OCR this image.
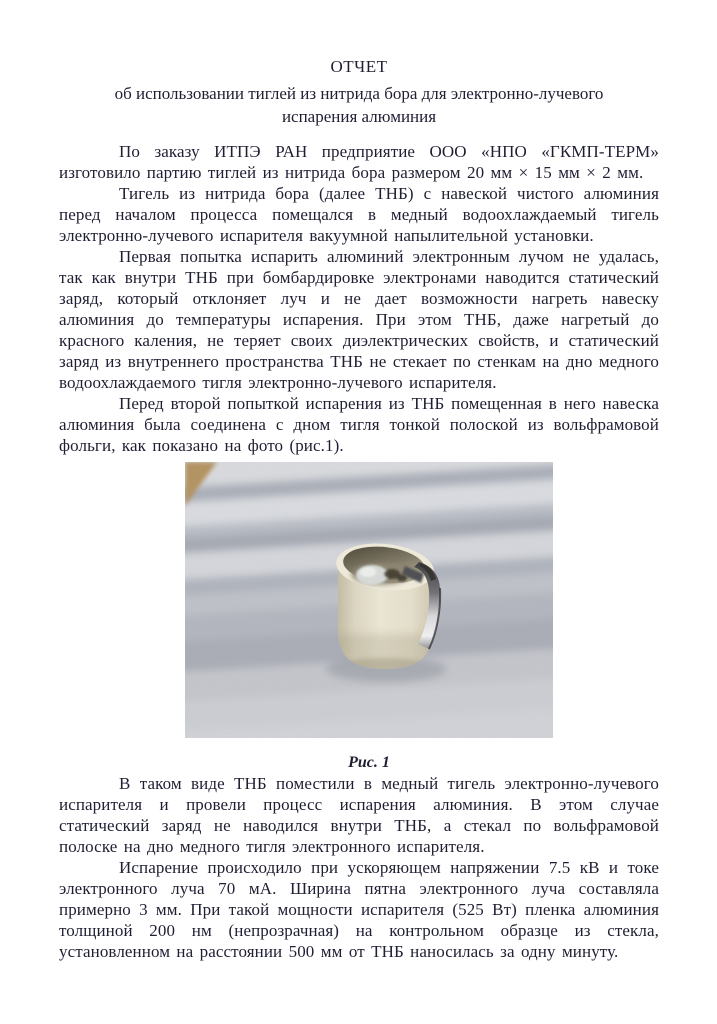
ОТЧЕТ
об использовании тиглей из нитрида бора для электронно-лучевого испарения алюминия

По заказу ИТПЭ РАН предприятие ООО «НПО «ГКМП-ТЕРМ» изготовило партию тиглей из нитрида бора размером 20 мм × 15 мм × 2 мм.

Тигель из нитрида бора (далее ТНБ) с навеской чистого алюминия перед началом процесса помещался в медный водоохлаждаемый тигель электронно-лучевого испарителя вакуумной напылительной установки.

Первая попытка испарить алюминий электронным лучом не удалась, так как внутри ТНБ при бомбардировке электронами наводится статический заряд, который отклоняет луч и не дает возможности нагреть навеску алюминия до температуры испарения. При этом ТНБ, даже нагретый до красного каления, не теряет своих диэлектрических свойств, и статический заряд из внутреннего пространства ТНБ не стекает по стенкам на дно медного водоохлаждаемого тигля электронно-лучевого испарителя.

Перед второй попыткой испарения из ТНБ помещенная в него навеска алюминия была соединена с дном тигля тонкой полоской из вольфрамовой фольги, как показано на фото (рис.1).

Рис. 1

В таком виде ТНБ поместили в медный тигель электронно-лучевого испарителя и провели процесс испарения алюминия. В этом случае статический заряд не наводился внутри ТНБ, а стекал по вольфрамовой полоске на дно медного тигля электронного испарителя.

Испарение происходило при ускоряющем напряжении 7.5 кВ и токе электронного луча 70 мА. Ширина пятна электронного луча составляла примерно 3 мм. При такой мощности испарителя (525 Вт) пленка алюминия толщиной 200 нм (непрозрачная) на контрольном образце из стекла, установленном на расстоянии 500 мм от ТНБ наносилась за одну минуту.
